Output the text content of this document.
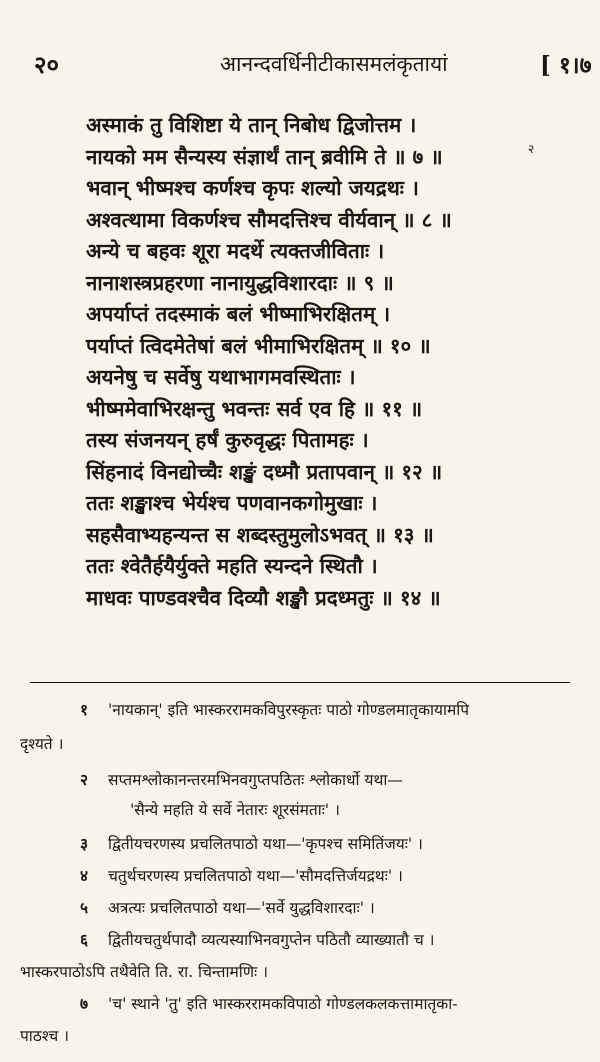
२०	आनन्दवर्धिनीटीकासमलंकृतायां	[ १।७
अस्माकं तु विशिष्टा ये तान् निबोध द्विजोत्तम ।
नायको मम सैन्यस्य संज्ञार्थं तान् ब्रवीमि ते ॥ ७ ॥	२
भवान् भीष्मश्च कर्णश्च कृपः शल्यो जयद्रथः ।
अश्वत्थामा विकर्णश्च सौमदत्तिश्च वीर्यवान् ॥ ८ ॥
अन्ये च बहवः शूरा मदर्थे त्यक्तजीविताः ।
नानाशस्त्रप्रहरणा नानायुद्धविशारदाः ॥ ९ ॥
अपर्याप्तं तदस्माकं बलं भीष्माभिरक्षितम् ।
पर्याप्तं त्विदमेतेषां बलं भीमाभिरक्षितम् ॥ १० ॥
अयनेषु च सर्वेषु यथाभागमवस्थिताः ।
भीष्ममेवाभिरक्षन्तु भवन्तः सर्व एव हि ॥ ११ ॥
तस्य संजनयन् हर्षं कुरुवृद्धः पितामहः ।
सिंहनादं विनद्योच्चैः शङ्खं दध्मौ प्रतापवान् ॥ १२ ॥
ततः शङ्खाश्च भेर्यश्च पणवानकगोमुखाः ।
सहसैवाभ्यहन्यन्त स शब्दस्तुमुलोऽभवत् ॥ १३ ॥
ततः श्वेतैर्हयैर्युक्ते महति स्यन्दने स्थितौ ।
माधवः पाण्डवश्चैव दिव्यौ शङ्खौ प्रदध्मतुः ॥ १४ ॥
१ 'नायकान्' इति भास्कररामकविपुरस्कृतः पाठो गोण्डलमातृकायामपि
दृश्यते ।
२ सप्तमश्लोकानन्तरमभिनवगुप्तपठितः श्लोकार्धो यथा—
'सैन्ये महति ये सर्वे नेतारः शूरसंमताः' ।
३ द्वितीयचरणस्य प्रचलितपाठो यथा—'कृपश्च समितिंजयः' ।
४ चतुर्थचरणस्य प्रचलितपाठो यथा—'सौमदत्तिर्जयद्रथः' ।
५ अत्रत्यः प्रचलितपाठो यथा—'सर्वे युद्धविशारदाः' ।
६ द्वितीयचतुर्थपादौ व्यत्यस्याभिनवगुप्तेन पठितौ व्याख्यातौ च ।
भास्करपाठोऽपि तथैवेति ति. रा. चिन्तामणिः ।
७ 'च' स्थाने 'तु' इति भास्कररामकविपाठो गोण्डलकलकत्तामातृका-
पाठश्च ।
